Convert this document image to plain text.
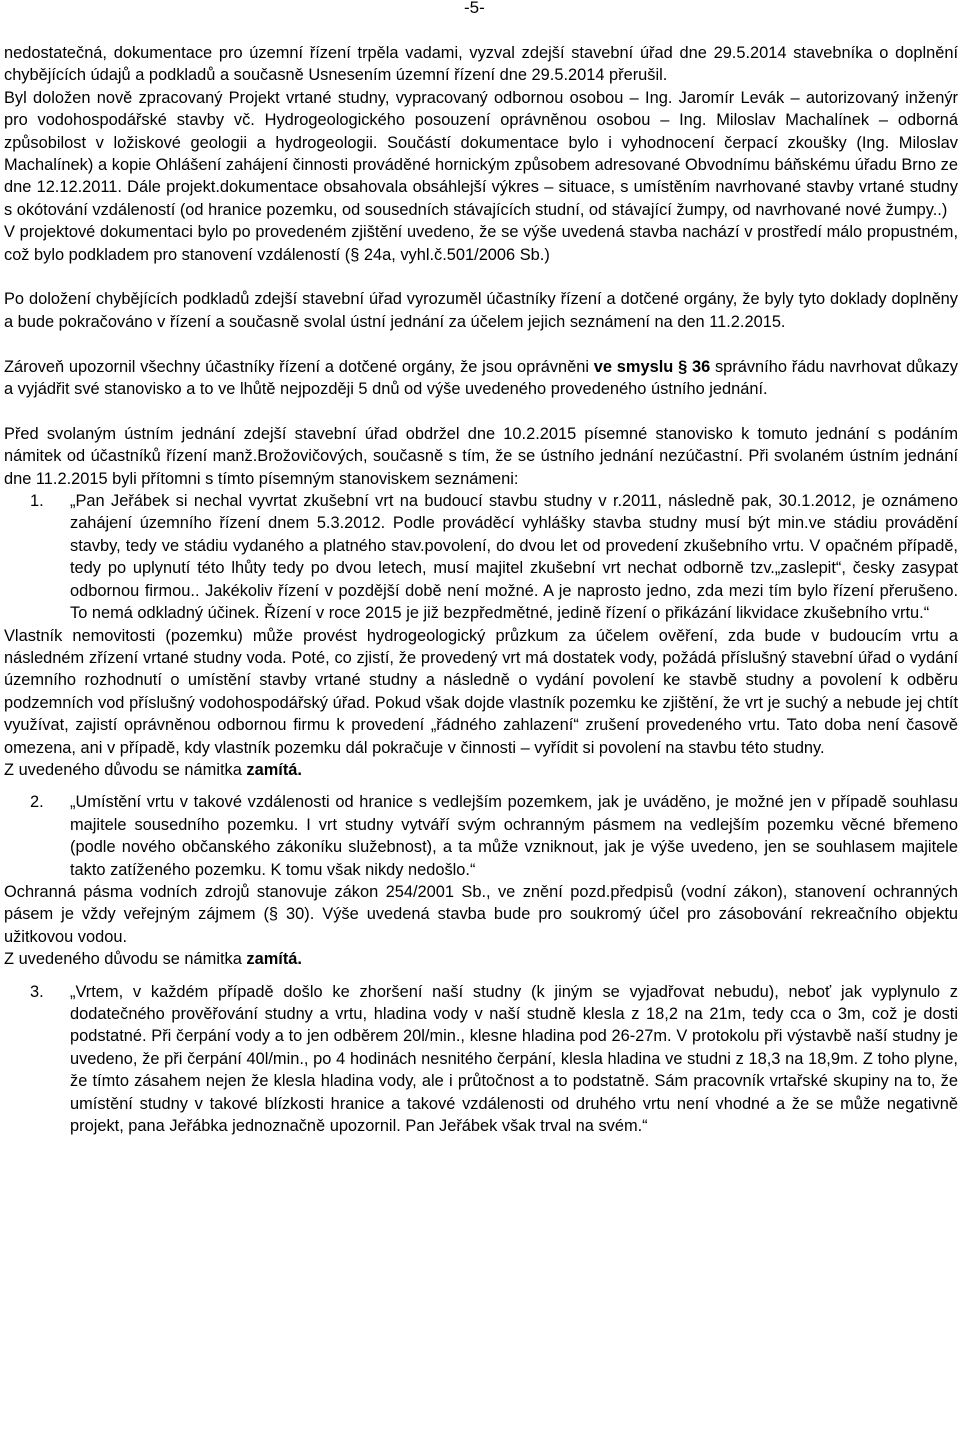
-5-

nedostatečná, dokumentace pro územní řízení trpěla vadami, vyzval zdejší stavební úřad dne 29.5.2014 stavebníka o doplnění chybějících údajů a podkladů a současně Usnesením územní řízení dne 29.5.2014 přerušil.
Byl doložen nově zpracovaný Projekt vrtané studny, vypracovaný odbornou osobou – Ing. Jaromír Levák – autorizovaný inženýr pro vodohospodářské stavby vč. Hydrogeologického posouzení oprávněnou osobou – Ing. Miloslav Machalínek – odborná způsobilost v ložiskové geologii a hydrogeologii. Součástí dokumentace bylo i vyhodnocení čerpací zkoušky (Ing. Miloslav Machalínek) a kopie Ohlášení zahájení činnosti prováděné hornickým způsobem adresované Obvodnímu báňskému úřadu Brno ze dne 12.12.2011. Dále projekt.dokumentace obsahovala obsáhlejší výkres – situace, s umístěním navrhované stavby vrtané studny s okótování vzdáleností (od hranice pozemku, od sousedních stávajících studní, od stávající žumpy, od navrhované nové žumpy..)
V projektové dokumentaci bylo po provedeném zjištění uvedeno, že se výše uvedená stavba nachází v prostředí málo propustném, což bylo podkladem pro stanovení vzdáleností (§ 24a, vyhl.č.501/2006 Sb.)

Po doložení chybějících podkladů zdejší stavební úřad vyrozuměl účastníky řízení a dotčené orgány, že byly tyto doklady doplněny a bude pokračováno v řízení a současně svolal ústní jednání za účelem jejich seznámení na den 11.2.2015.

Zároveň upozornil všechny účastníky řízení a dotčené orgány, že jsou oprávněni ve smyslu § 36 správního řádu navrhovat důkazy a vyjádřit své stanovisko a to ve lhůtě nejpozději 5 dnů od výše uvedeného provedeného ústního jednání.

Před svolaným ústním jednání zdejší stavební úřad obdržel dne 10.2.2015 písemné stanovisko k tomuto jednání s podáním námitek od účastníků řízení manž.Brožovičových, současně s tím, že se ústního jednání nezúčastní. Při svolaném ústním jednání dne 11.2.2015 byli přítomni s tímto písemným stanoviskem seznámeni:

1.	„Pan Jeřábek si nechal vyvrtat zkušební vrt na budoucí stavbu studny v r.2011, následně pak, 30.1.2012, je oznámeno zahájení územního řízení dnem 5.3.2012. Podle prováděcí vyhlášky stavba studny musí být min.ve stádiu provádění stavby, tedy ve stádiu vydaného a platného stav.povolení, do dvou let od provedení zkušebního vrtu. V opačném případě, tedy po uplynutí této lhůty tedy po dvou letech, musí majitel zkušební vrt nechat odborně tzv.„zaslepit“, česky zasypat odbornou firmou.. Jakékoliv řízení v pozdější době není možné. A je naprosto jedno, zda mezi tím bylo řízení přerušeno. To nemá odkladný účinek. Řízení v roce 2015 je již bezpředmětné, jedině řízení o přikázání likvidace zkušebního vrtu.“

Vlastník nemovitosti (pozemku) může provést hydrogeologický průzkum za účelem ověření, zda bude v budoucím vrtu a následném zřízení vrtané studny voda. Poté, co zjistí, že provedený vrt má dostatek vody, požádá příslušný stavební úřad o vydání územního rozhodnutí o umístění stavby vrtané studny a následně o vydání povolení ke stavbě studny a povolení k odběru podzemních vod příslušný vodohospodářský úřad. Pokud však dojde vlastník pozemku ke zjištění, že vrt je suchý a nebude jej chtít využívat, zajistí oprávněnou odbornou firmu k provedení „řádného zahlazení“ zrušení provedeného vrtu. Tato doba není časově omezena, ani v případě, kdy vlastník pozemku dál pokračuje v činnosti – vyřídit si povolení na stavbu této studny.

Z uvedeného důvodu se námitka zamítá.

2.	„Umístění vrtu v takové vzdálenosti od hranice s vedlejším pozemkem, jak je uváděno, je možné jen v případě souhlasu majitele sousedního pozemku. I vrt studny vytváří svým ochranným pásmem na vedlejším pozemku věcné břemeno (podle nového občanského zákoníku služebnost), a ta může vzniknout, jak je výše uvedeno, jen se souhlasem majitele takto zatíženého pozemku. K tomu však nikdy nedošlo.“

Ochranná pásma vodních zdrojů stanovuje zákon 254/2001 Sb., ve znění pozd.předpisů (vodní zákon), stanovení ochranných pásem je vždy veřejným zájmem (§ 30). Výše uvedená stavba bude pro soukromý účel pro zásobování rekreačního objektu užitkovou vodou.

Z uvedeného důvodu se námitka zamítá.

3.	„Vrtem, v každém případě došlo ke zhoršení naší studny (k jiným se vyjadřovat nebudu), neboť jak vyplynulo z dodatečného prověřování studny a vrtu, hladina vody v naší studně klesla z 18,2 na 21m, tedy cca o 3m, což je dosti podstatné. Při čerpání vody a to jen odběrem 20l/min., klesne hladina pod 26-27m. V protokolu při výstavbě naší studny je uvedeno, že při čerpání 40l/min., po 4 hodinách nesnitého čerpání, klesla hladina ve studni z 18,3 na 18,9m. Z toho plyne, že tímto zásahem nejen že klesla hladina vody, ale i průtočnost a to podstatně. Sám pracovník vrtařské skupiny na to, že umístění studny v takové blízkosti hranice a takové vzdálenosti od druhého vrtu není vhodné a že se může negativně projekt, pana Jeřábka jednoznačně upozornil. Pan Jeřábek však trval na svém.“
